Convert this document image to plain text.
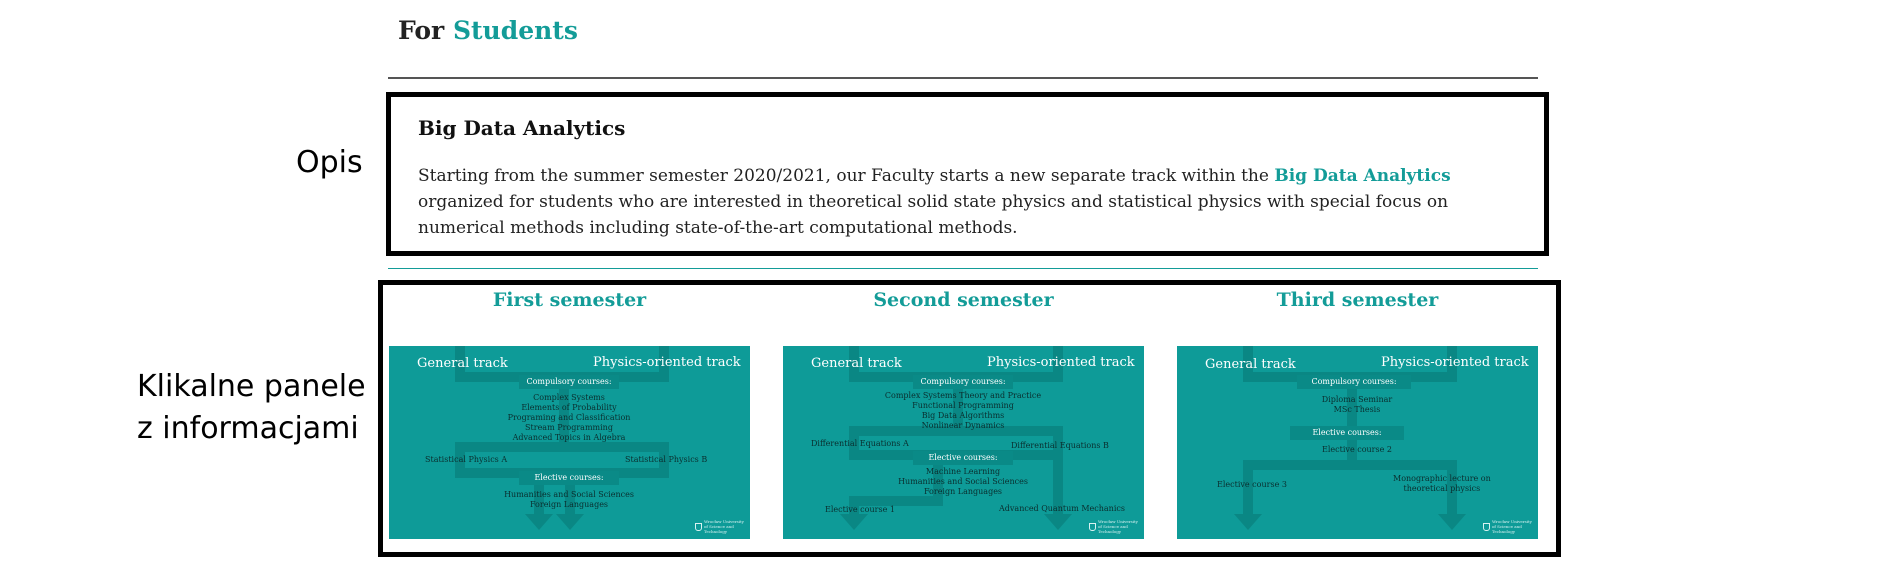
For Students
Opis
Klikalne panele
z informacjami
Big Data Analytics
Starting from the summer semester 2020/2021, our Faculty starts a new separate track within the Big Data Analytics organized for students who are interested in theoretical solid state physics and statistical physics with special focus on numerical methods including state-of-the-art computational methods.
First semester	Second semester	Third semester
General track	Physics-oriented track
Compulsory courses:
Complex Systems
Elements of Probability
Programing and Classification
Stream Programming
Advanced Topics in Algebra
Statistical Physics A	Statistical Physics B
Elective courses:
Humanities and Social Sciences
Foreign Languages
Wrocław University of Science and Technology
General track	Physics-oriented track
Compulsory courses:
Complex Systems Theory and Practice
Functional Programming
Big Data Algorithms
Nonlinear Dynamics
Differential Equations A	Differential Equations B
Elective courses:
Machine Learning
Humanities and Social Sciences
Foreign Languages
Elective course 1	Advanced Quantum Mechanics
Wrocław University of Science and Technology
General track	Physics-oriented track
Compulsory courses:
Diploma Seminar
MSc Thesis
Elective courses:
Elective course 2
Elective course 3
Monographic lecture on
theoretical physics
Wrocław University of Science and Technology
